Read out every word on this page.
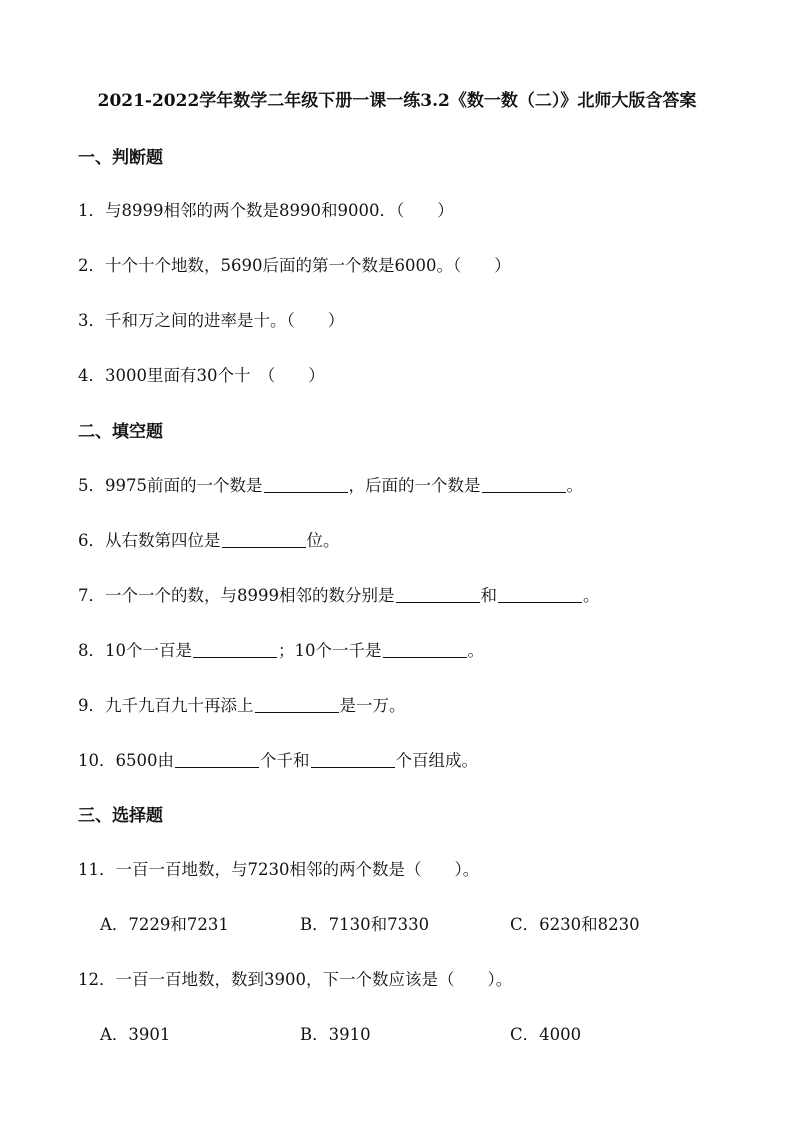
2021-2022学年数学二年级下册一课一练3.2《数一数（二）》北师大版含答案
一、判断题
1．与8999相邻的两个数是8990和9000．（　　）
2．十个十个地数，5690后面的第一个数是6000。（　　）
3．千和万之间的进率是十。（　　）
4．3000里面有30个十　（　　）
二、填空题
5．9975前面的一个数是	，后面的一个数是	。
6．从右数第四位是	位。
7．一个一个的数，与8999相邻的数分别是	和	。
8．10个一百是	；10个一千是	。
9．九千九百九十再添上	是一万。
10．6500由	个千和	个百组成。
三、选择题
11．一百一百地数，与7230相邻的两个数是（　　）。
A．7229和7231	B．7130和7330	C．6230和8230
12．一百一百地数，数到3900，下一个数应该是（　　）。
A．3901	B．3910	C．4000
